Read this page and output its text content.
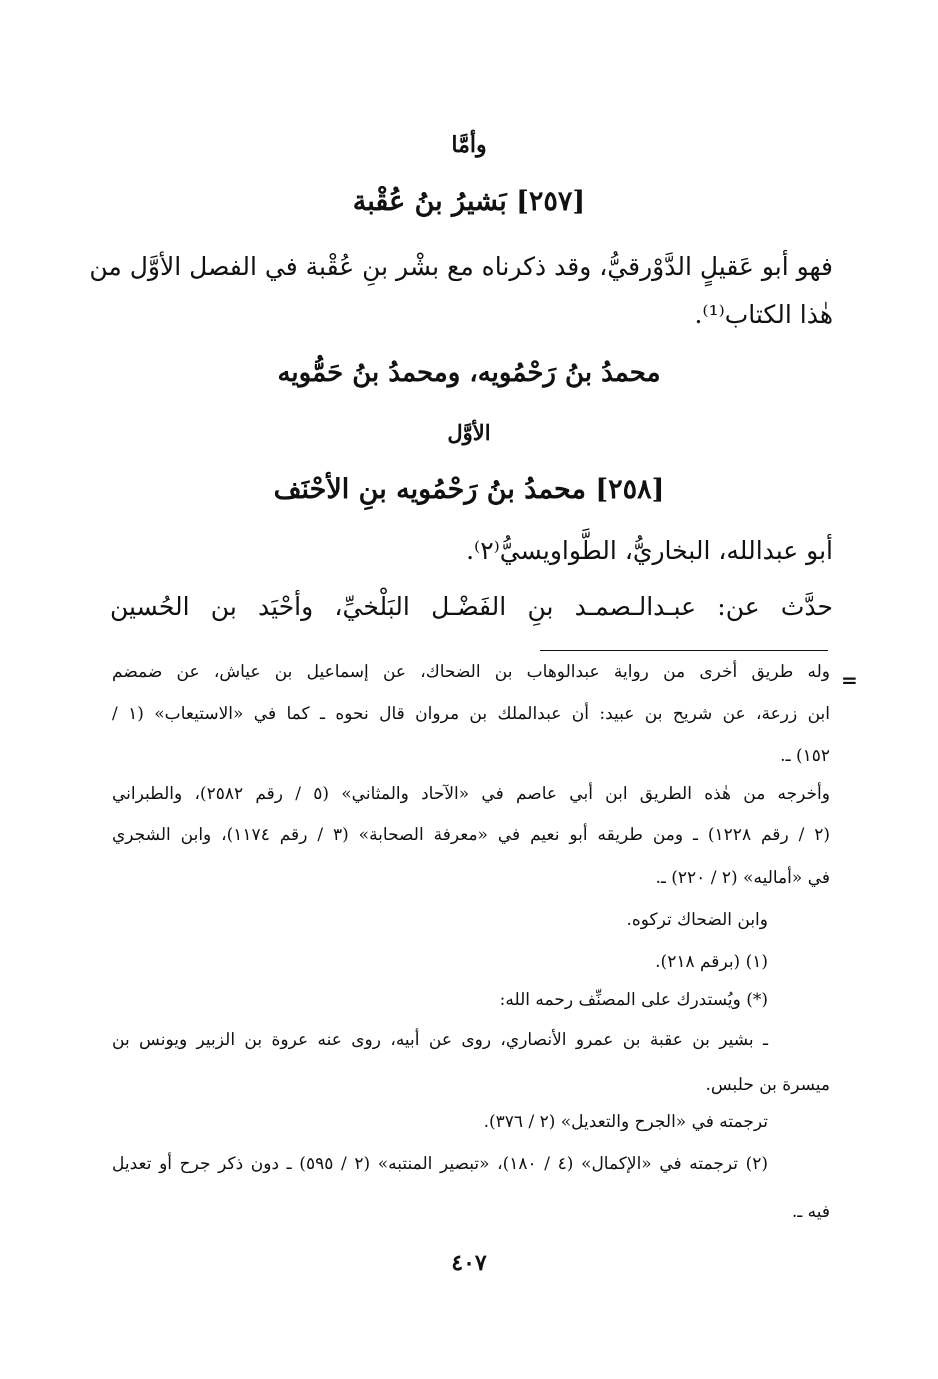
وأمَّا
[٢٥٧] بَشيرُ بنُ عُقْبة
فهو أبو عَقيلٍ الدَّوْرقيُّ، وقد ذكرناه مع بشْر بنِ عُقْبة في الفصل الأوَّل من
هٰذا الكتاب⁽¹⁾.
محمدُ بنُ رَحْمُويه، ومحمدُ بنُ حَمُّويه
الأوَّل
[٢٥٨] محمدُ بنُ رَحْمُويه بنِ الأحْنَف
أبو عبدالله، البخاريُّ، الطَّواويسيُّ⁽٢⁾.
حدَّث عن: عبـدالـصمـد بنِ الفَضْـل البَلْخيِّ، وأحْيَد بن الحُسين
=
وله طريق أخرى من رواية عبدالوهاب بن الضحاك، عن إسماعيل بن عياش، عن ضمضم
ابن زرعة، عن شريح بن عبيد: أن عبدالملك بن مروان قال نحوه ـ كما في «الاستيعاب» (١ /
١٥٢) ـ.
وأخرجه من هٰذه الطريق ابن أبي عاصم في «الآحاد والمثاني» (٥ / رقم ٢٥٨٢)، والطبراني
(٢ / رقم ١٢٢٨) ـ ومن طريقه أبو نعيم في «معرفة الصحابة» (٣ / رقم ١١٧٤)، وابن الشجري
في «أماليه» (٢ / ٢٢٠) ـ.
وابن الضحاك تركوه.
(١) (برقم ٢١٨).
(*) ويُستدرك على المصنِّف رحمه الله:
ـ بشير بن عقبة بن عمرو الأنصاري، روى عن أبيه، روى عنه عروة بن الزبير ويونس بن
ميسرة بن حلبس.
ترجمته في «الجرح والتعديل» (٢ / ٣٧٦).
(٢) ترجمته في «الإكمال» (٤ / ١٨٠)، «تبصير المنتبه» (٢ / ٥٩٥) ـ دون ذكر جرح أو تعديل
فيه ـ.
٤٠٧
